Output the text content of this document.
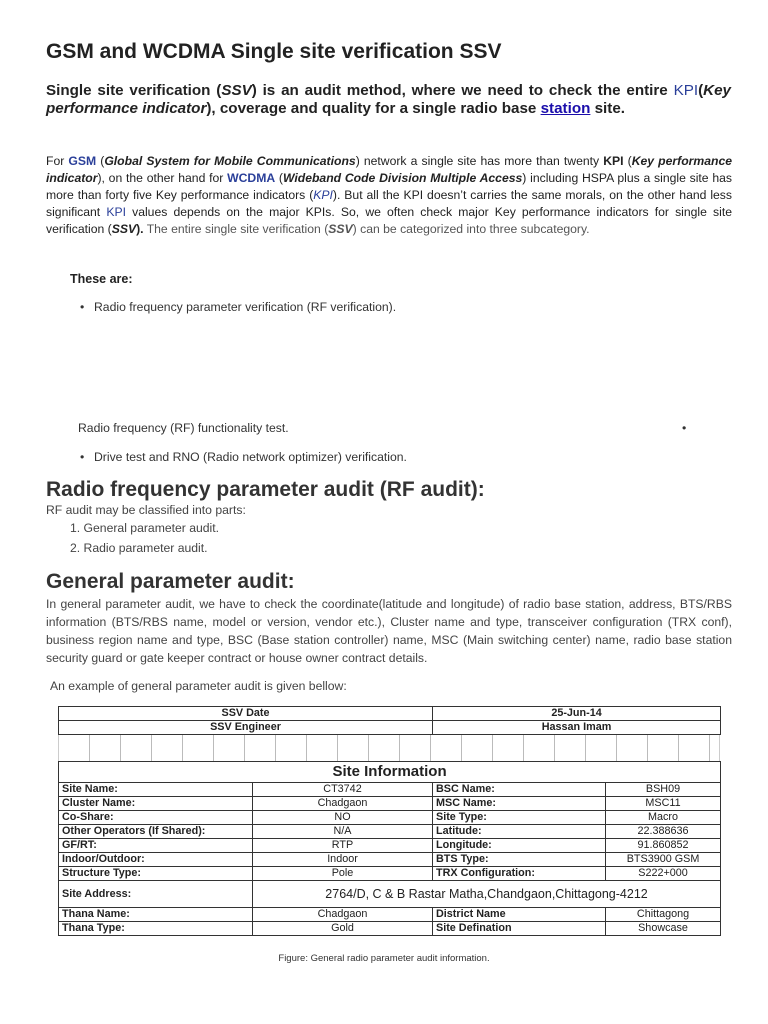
GSM and WCDMA Single site verification SSV

Single site verification (SSV) is an audit method, where we need to check the entire KPI(Key performance indicator), coverage and quality for a single radio base station site.

For GSM (Global System for Mobile Communications) network a single site has more than twenty KPI (Key performance indicator), on the other hand for WCDMA (Wideband Code Division Multiple Access) including HSPA plus a single site has more than forty five Key performance indicators (KPI). But all the KPI doesn’t carries the same morals, on the other hand less significant KPI values depends on the major KPIs. So, we often check major Key performance indicators for single site verification (SSV). The entire single site verification (SSV) can be categorized into three subcategory.

These are:

• Radio frequency parameter verification (RF verification).
Radio frequency (RF) functionality test.	•
• Drive test and RNO (Radio network optimizer) verification.
Radio frequency parameter audit (RF audit):

RF audit may be classified into parts:

1. General parameter audit.

2. Radio parameter audit.

General parameter audit:

In general parameter audit, we have to check the coordinate(latitude and longitude) of radio base station, address, BTS/RBS information (BTS/RBS name, model or version, vendor etc.), Cluster name and type, transceiver configuration (TRX conf), business region name and type, BSC (Base station controller) name, MSC (Main switching center) name, radio base station security guard or gate keeper contract or house owner contract details.

An example of general parameter audit is given bellow:

SSV Date	25-Jun-14
SSV Engineer	Hassan Imam
Site Information			
Site Name:	CT3742	BSC Name:	BSH09
Cluster Name:	Chadgaon	MSC Name:	MSC11
Co-Share:	NO	Site Type:	Macro
Other Operators (If Shared):	N/A	Latitude:	22.388636
GF/RT:	RTP	Longitude:	91.860852
Indoor/Outdoor:	Indoor	BTS Type:	BTS3900 GSM
Structure Type:	Pole	TRX Configuration:	S222+000
Site Address:	2764/D, C & B Rastar Matha,Chandgaon,Chittagong-4212		
Thana Name:	Chadgaon	District Name	Chittagong
Thana Type:	Gold	Site Defination	Showcase

Figure: General radio parameter audit information.
